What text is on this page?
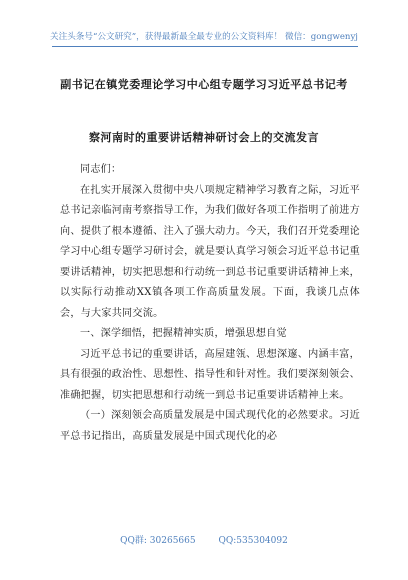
关注头条号“公文研究”，获得最新最全最专业的公文资料库！ 微信：gongwenyj
副书记在镇党委理论学习中心组专题学习习近平总书记考
察河南时的重要讲话精神研讨会上的交流发言

同志们：

在扎实开展深入贯彻中央八项规定精神学习教育之际，习近平总书记亲临河南考察指导工作，为我们做好各项工作指明了前进方向、提供了根本遵循、注入了强大动力。今天，我们召开党委理论学习中心组专题学习研讨会，就是要认真学习领会习近平总书记重要讲话精神，切实把思想和行动统一到总书记重要讲话精神上来，以实际行动推动XX镇各项工作高质量发展。下面，我谈几点体会，与大家共同交流。

一、深学细悟，把握精神实质，增强思想自觉

习近平总书记的重要讲话，高屋建瓴、思想深邃、内涵丰富，具有很强的政治性、思想性、指导性和针对性。我们要深刻领会、准确把握，切实把思想和行动统一到总书记重要讲话精神上来。

（一）深刻领会高质量发展是中国式现代化的必然要求。习近平总书记指出，高质量发展是中国式现代化的必

QQ群: 30265665	QQ:535304092
